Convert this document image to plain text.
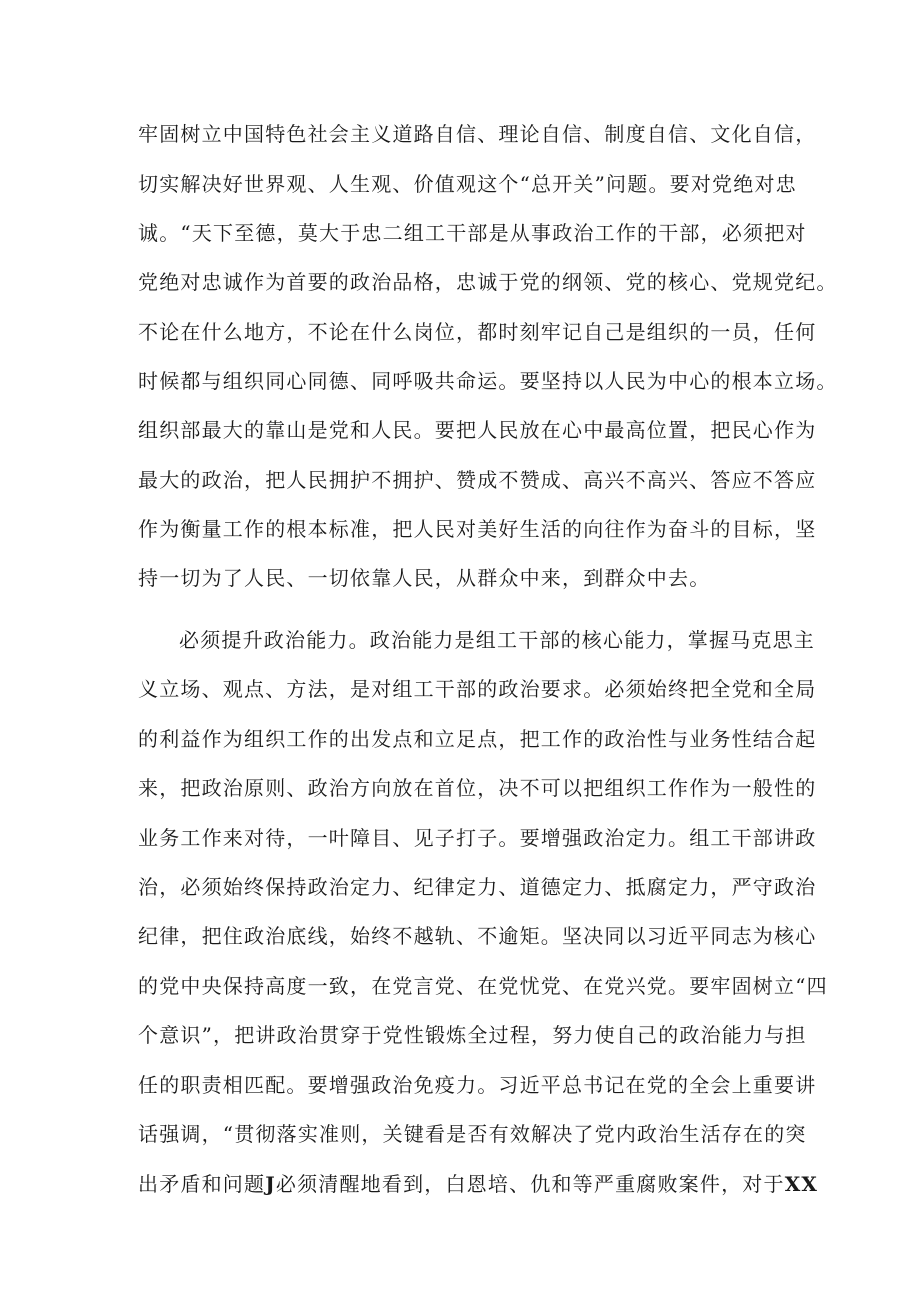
牢固树立中国特色社会主义道路自信、理论自信、制度自信、文化自信，

切实解决好世界观、人生观、价值观这个“总开关”问题。要对党绝对忠

诚。“天下至德，莫大于忠二组工干部是从事政治工作的干部，必须把对

党绝对忠诚作为首要的政治品格，忠诚于党的纲领、党的核心、党规党纪。

不论在什么地方，不论在什么岗位，都时刻牢记自己是组织的一员，任何

时候都与组织同心同德、同呼吸共命运。要坚持以人民为中心的根本立场。

组织部最大的靠山是党和人民。要把人民放在心中最高位置，把民心作为

最大的政治，把人民拥护不拥护、赞成不赞成、高兴不高兴、答应不答应

作为衡量工作的根本标准，把人民对美好生活的向往作为奋斗的目标，坚

持一切为了人民、一切依靠人民，从群众中来，到群众中去。

必须提升政治能力。政治能力是组工干部的核心能力，掌握马克思主

义立场、观点、方法，是对组工干部的政治要求。必须始终把全党和全局

的利益作为组织工作的出发点和立足点，把工作的政治性与业务性结合起

来，把政治原则、政治方向放在首位，决不可以把组织工作作为一般性的

业务工作来对待，一叶障目、见子打子。要增强政治定力。组工干部讲政

治，必须始终保持政治定力、纪律定力、道德定力、抵腐定力，严守政治

纪律，把住政治底线，始终不越轨、不逾矩。坚决同以习近平同志为核心

的党中央保持高度一致，在党言党、在党忧党、在党兴党。要牢固树立“四

个意识”，把讲政治贯穿于党性锻炼全过程，努力使自己的政治能力与担

任的职责相匹配。要增强政治免疫力。习近平总书记在党的全会上重要讲

话强调，“贯彻落实准则，关键看是否有效解决了党内政治生活存在的突

出矛盾和问题J必须清醒地看到，白恩培、仇和等严重腐败案件，对于XX
